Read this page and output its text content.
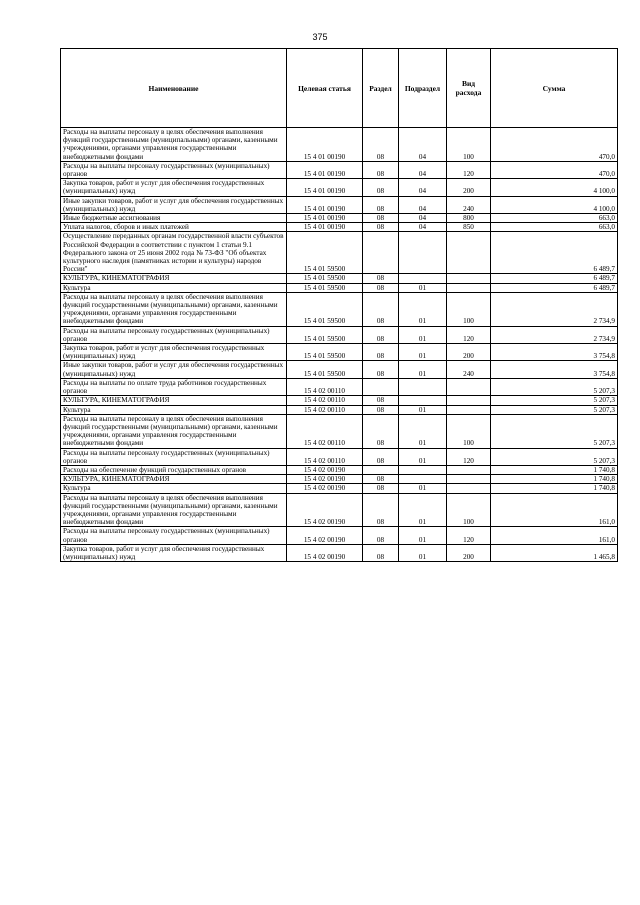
375
Наименование	Целевая статья	Раздел	Подраздел	Вид расхода	Сумма
Расходы на выплаты персоналу в целях обеспечения выполнения функций государственными (муниципальными) органами, казенными учреждениями, органами управления государственными внебюджетными фондами	15 4 01 00190	08	04	100	470,0
Расходы на выплаты персоналу государственных (муниципальных) органов	15 4 01 00190	08	04	120	470,0
Закупка товаров, работ и услуг для обеспечения государственных (муниципальных) нужд	15 4 01 00190	08	04	200	4 100,0
Иные закупки товаров, работ и услуг для обеспечения государственных (муниципальных) нужд	15 4 01 00190	08	04	240	4 100,0
Иные бюджетные ассигнования	15 4 01 00190	08	04	800	663,0
Уплата налогов, сборов и иных платежей	15 4 01 00190	08	04	850	663,0
Осуществление переданных органам государственной власти субъектов Российской Федерации в соответствии с пунктом 1 статьи 9.1 Федерального закона от 25 июня 2002 года № 73-ФЗ "Об объектах культурного наследия (памятниках истории и культуры) народов России"	15 4 01 59500				6 489,7
КУЛЬТУРА, КИНЕМАТОГРАФИЯ	15 4 01 59500	08			6 489,7
Культура	15 4 01 59500	08	01		6 489,7
Расходы на выплаты персоналу в целях обеспечения выполнения функций государственными (муниципальными) органами, казенными учреждениями, органами управления государственными внебюджетными фондами	15 4 01 59500	08	01	100	2 734,9
Расходы на выплаты персоналу государственных (муниципальных) органов	15 4 01 59500	08	01	120	2 734,9
Закупка товаров, работ и услуг для обеспечения государственных (муниципальных) нужд	15 4 01 59500	08	01	200	3 754,8
Иные закупки товаров, работ и услуг для обеспечения государственных (муниципальных) нужд	15 4 01 59500	08	01	240	3 754,8
Расходы на выплаты по оплате труда работников государственных органов	15 4 02 00110				5 207,3
КУЛЬТУРА, КИНЕМАТОГРАФИЯ	15 4 02 00110	08			5 207,3
Культура	15 4 02 00110	08	01		5 207,3
Расходы на выплаты персоналу в целях обеспечения выполнения функций государственными (муниципальными) органами, казенными учреждениями, органами управления государственными внебюджетными фондами	15 4 02 00110	08	01	100	5 207,3
Расходы на выплаты персоналу государственных (муниципальных) органов	15 4 02 00110	08	01	120	5 207,3
Расходы на обеспечение функций государственных органов	15 4 02 00190				1 740,8
КУЛЬТУРА, КИНЕМАТОГРАФИЯ	15 4 02 00190	08			1 740,8
Культура	15 4 02 00190	08	01		1 740,8
Расходы на выплаты персоналу в целях обеспечения выполнения функций государственными (муниципальными) органами, казенными учреждениями, органами управления государственными внебюджетными фондами	15 4 02 00190	08	01	100	161,0
Расходы на выплаты персоналу государственных (муниципальных) органов	15 4 02 00190	08	01	120	161,0
Закупка товаров, работ и услуг для обеспечения государственных (муниципальных) нужд	15 4 02 00190	08	01	200	1 465,8
